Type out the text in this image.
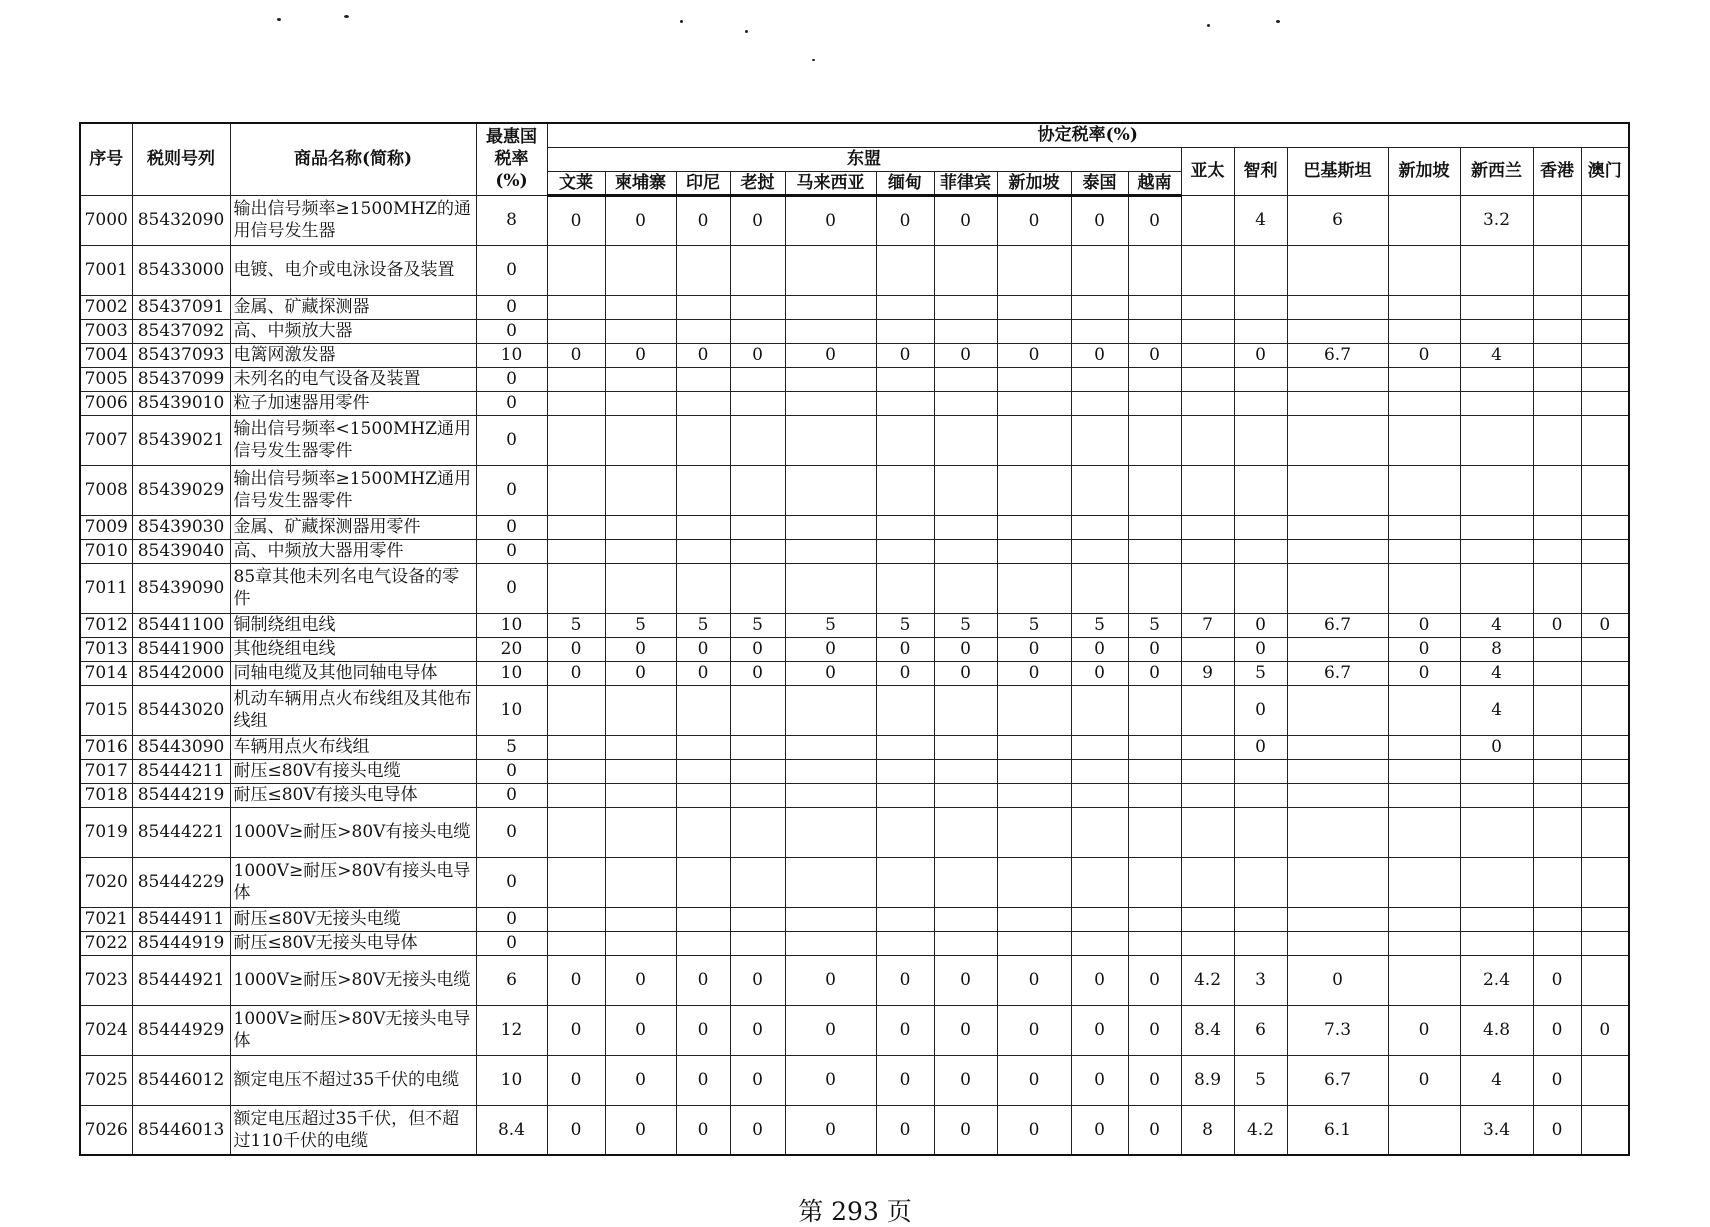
序号	税则号列	商品名称(简称)	最惠国
税率
(%)	协定税率(%)																
				东盟										亚太	智利	巴基斯坦	新加坡	新西兰	香港	澳门
				文莱	柬埔寨	印尼	老挝	马来西亚	缅甸	菲律宾	新加坡	泰国	越南							
7000	85432090	输出信号频率≥1500MHZ的通用信号发生器	8	0	0	0	0	0	0	0	0	0	0		4	6		3.2		
7001	85433000	电镀、电介或电泳设备及装置	0																	
7002	85437091	金属、矿藏探测器	0																	
7003	85437092	高、中频放大器	0																	
7004	85437093	电篱网激发器	10	0	0	0	0	0	0	0	0	0	0		0	6.7	0	4		
7005	85437099	未列名的电气设备及装置	0																	
7006	85439010	粒子加速器用零件	0																	
7007	85439021	输出信号频率<1500MHZ通用信号发生器零件	0																	
7008	85439029	输出信号频率≥1500MHZ通用信号发生器零件	0																	
7009	85439030	金属、矿藏探测器用零件	0																	
7010	85439040	高、中频放大器用零件	0																	
7011	85439090	85章其他未列名电气设备的零件	0																	
7012	85441100	铜制绕组电线	10	5	5	5	5	5	5	5	5	5	5	7	0	6.7	0	4	0	0
7013	85441900	其他绕组电线	20	0	0	0	0	0	0	0	0	0	0		0		0	8		
7014	85442000	同轴电缆及其他同轴电导体	10	0	0	0	0	0	0	0	0	0	0	9	5	6.7	0	4		
7015	85443020	机动车辆用点火布线组及其他布线组	10												0			4		
7016	85443090	车辆用点火布线组	5												0			0		
7017	85444211	耐压≤80V有接头电缆	0																	
7018	85444219	耐压≤80V有接头电导体	0																	
7019	85444221	1000V≥耐压>80V有接头电缆	0																	
7020	85444229	1000V≥耐压>80V有接头电导体	0																	
7021	85444911	耐压≤80V无接头电缆	0																	
7022	85444919	耐压≤80V无接头电导体	0																	
7023	85444921	1000V≥耐压>80V无接头电缆	6	0	0	0	0	0	0	0	0	0	0	4.2	3	0		2.4	0	
7024	85444929	1000V≥耐压>80V无接头电导体	12	0	0	0	0	0	0	0	0	0	0	8.4	6	7.3	0	4.8	0	0
7025	85446012	额定电压不超过35千伏的电缆	10	0	0	0	0	0	0	0	0	0	0	8.9	5	6.7	0	4	0	
7026	85446013	额定电压超过35千伏，但不超过110千伏的电缆	8.4	0	0	0	0	0	0	0	0	0	0	8	4.2	6.1		3.4	0	
第 293 页
